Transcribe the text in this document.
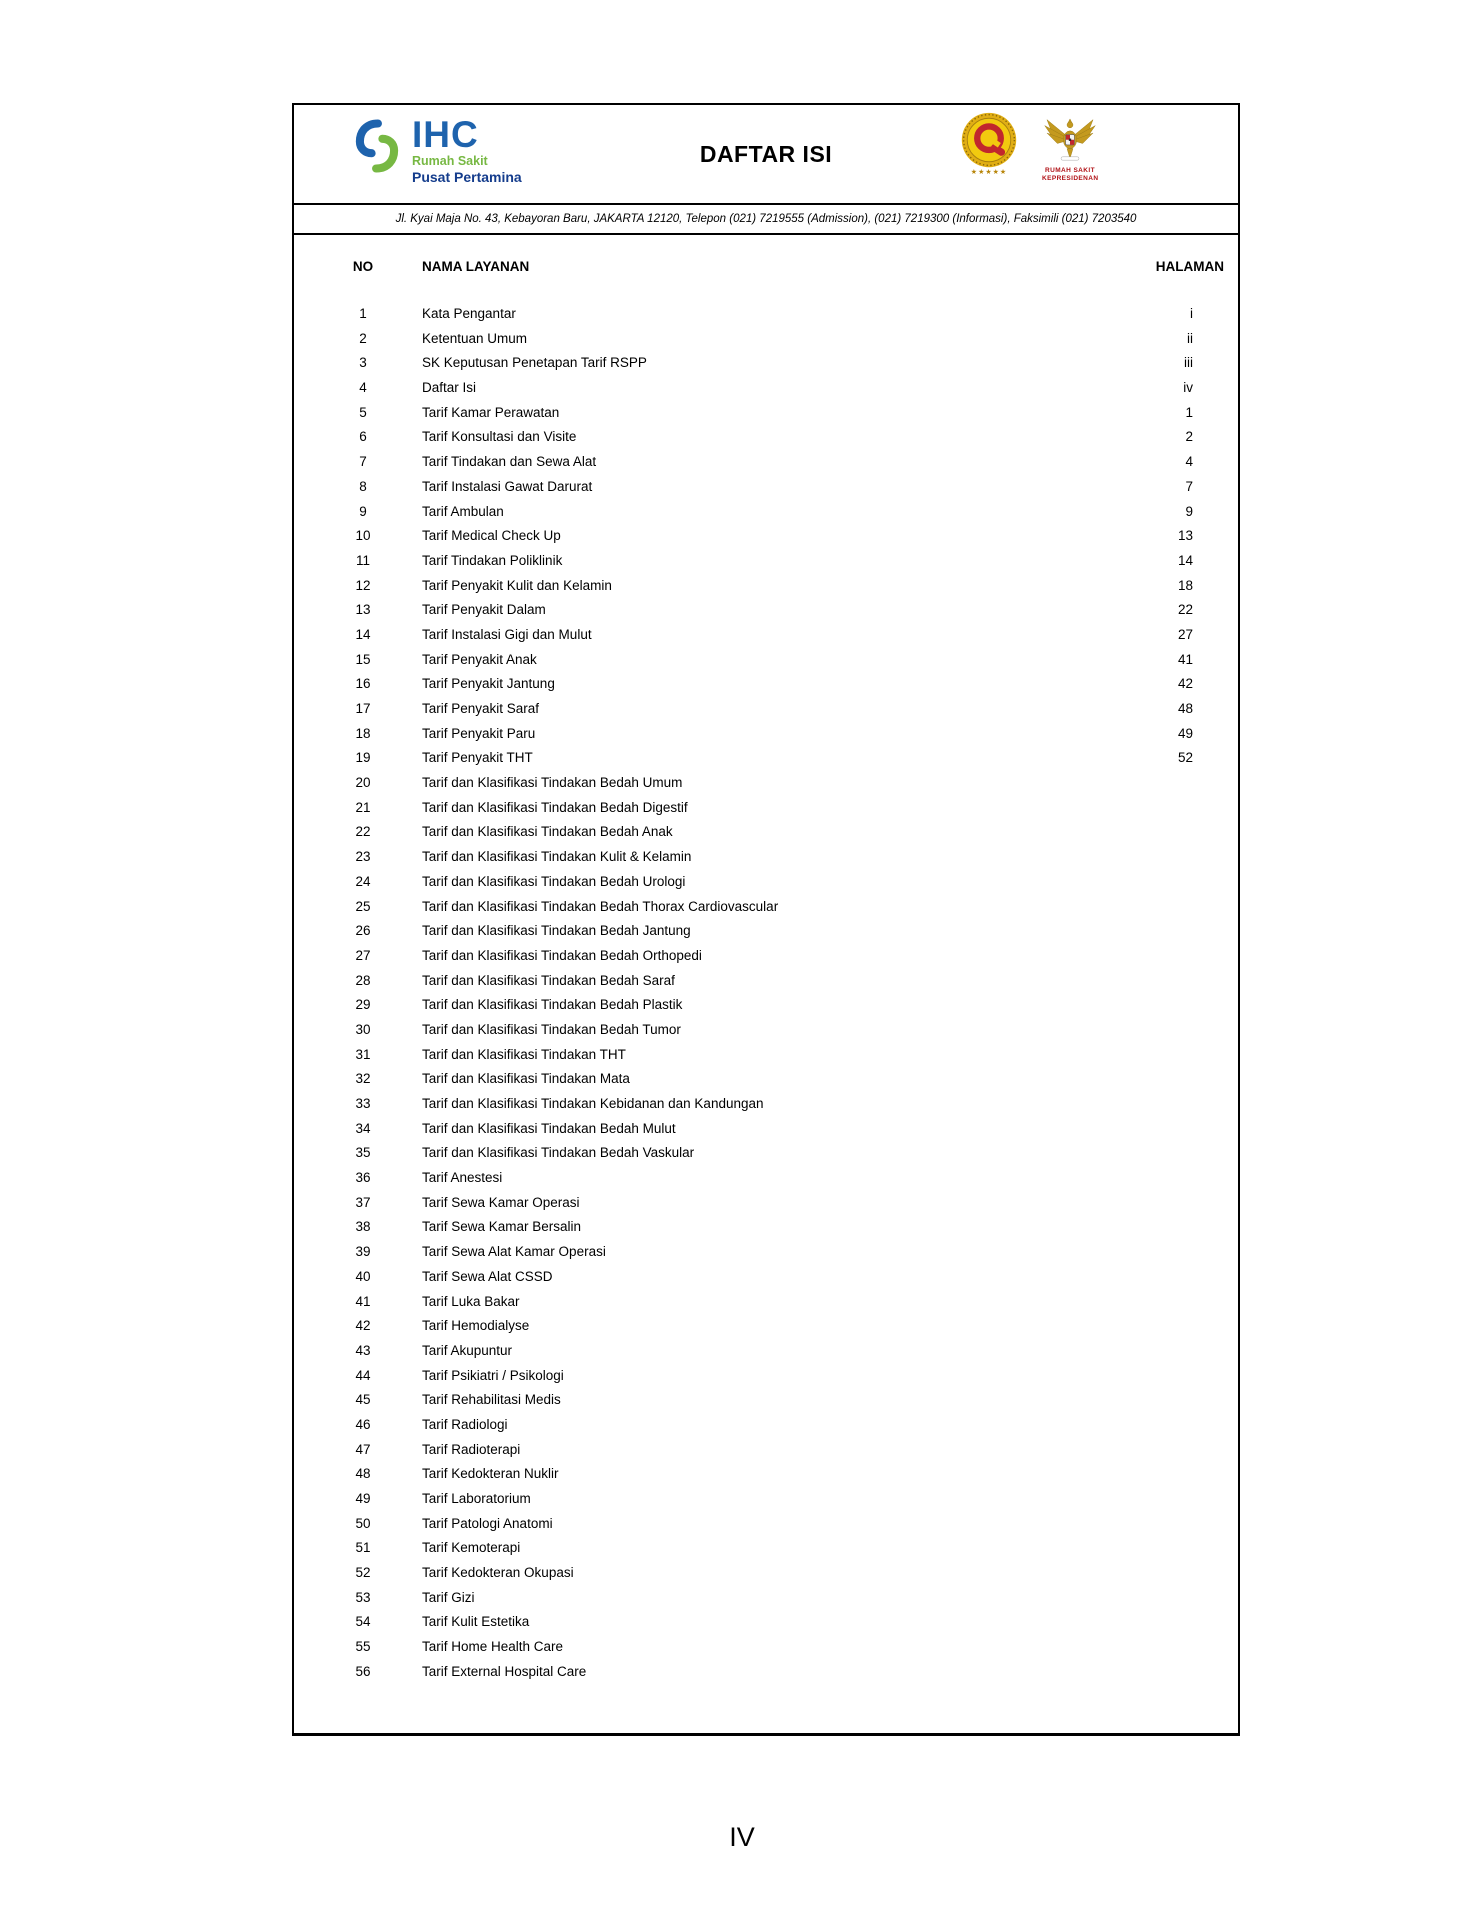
IHC
Rumah Sakit
Pusat Pertamina
DAFTAR ISI
★★★★★	RUMAH SAKIT
KEPRESIDENAN
Jl. Kyai Maja No. 43, Kebayoran Baru, JAKARTA 12120, Telepon (021) 7219555 (Admission), (021) 7219300 (Informasi), Faksimili (021) 7203540
NO	NAMA LAYANAN	HALAMAN
1	Kata Pengantar	i
2	Ketentuan Umum	ii
3	SK Keputusan Penetapan Tarif RSPP	iii
4	Daftar Isi	iv
5	Tarif Kamar Perawatan	1
6	Tarif Konsultasi dan Visite	2
7	Tarif Tindakan dan Sewa Alat	4
8	Tarif Instalasi Gawat Darurat	7
9	Tarif Ambulan	9
10	Tarif Medical Check Up	13
11	Tarif Tindakan Poliklinik	14
12	Tarif Penyakit Kulit dan Kelamin	18
13	Tarif Penyakit Dalam	22
14	Tarif Instalasi Gigi dan Mulut	27
15	Tarif Penyakit Anak	41
16	Tarif Penyakit Jantung	42
17	Tarif Penyakit Saraf	48
18	Tarif Penyakit Paru	49
19	Tarif Penyakit THT	52
20	Tarif dan Klasifikasi Tindakan Bedah Umum
21	Tarif dan Klasifikasi Tindakan Bedah Digestif
22	Tarif dan Klasifikasi Tindakan Bedah Anak
23	Tarif dan Klasifikasi Tindakan Kulit & Kelamin
24	Tarif dan Klasifikasi Tindakan Bedah Urologi
25	Tarif dan Klasifikasi Tindakan Bedah Thorax Cardiovascular
26	Tarif dan Klasifikasi Tindakan Bedah Jantung
27	Tarif dan Klasifikasi Tindakan Bedah Orthopedi
28	Tarif dan Klasifikasi Tindakan Bedah Saraf
29	Tarif dan Klasifikasi Tindakan Bedah Plastik
30	Tarif dan Klasifikasi Tindakan Bedah Tumor
31	Tarif dan Klasifikasi Tindakan THT
32	Tarif dan Klasifikasi Tindakan Mata
33	Tarif dan Klasifikasi Tindakan Kebidanan dan Kandungan
34	Tarif dan Klasifikasi Tindakan Bedah Mulut
35	Tarif dan Klasifikasi Tindakan Bedah Vaskular
36	Tarif Anestesi
37	Tarif Sewa Kamar Operasi
38	Tarif Sewa Kamar Bersalin
39	Tarif Sewa Alat Kamar Operasi
40	Tarif Sewa Alat CSSD
41	Tarif Luka Bakar
42	Tarif Hemodialyse
43	Tarif Akupuntur
44	Tarif Psikiatri / Psikologi
45	Tarif Rehabilitasi Medis
46	Tarif Radiologi
47	Tarif Radioterapi
48	Tarif Kedokteran Nuklir
49	Tarif Laboratorium
50	Tarif Patologi Anatomi
51	Tarif Kemoterapi
52	Tarif Kedokteran Okupasi
53	Tarif Gizi
54	Tarif Kulit Estetika
55	Tarif Home Health Care
56	Tarif External Hospital Care
IV
